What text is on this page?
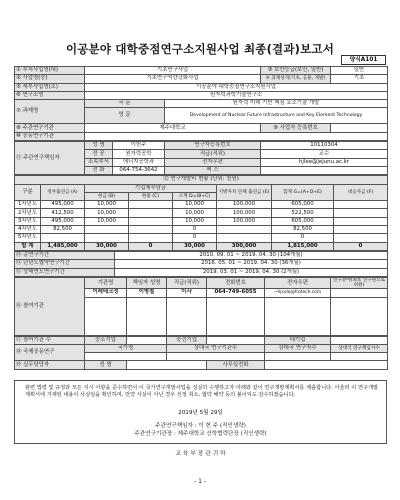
이공분야 대학중점연구소지원사업 최종(결과)보고서
양식A101
① 부처사업명(대)	기초연구사업		③ 보안등급(보안, 일반)	일반
② 사업명(중)	기초연구역량강화사업		④ 과제성격(기초, 응용, 개발)	기초
⑤ 세부사업명(소)	이공분야 대학중점연구소지원사업			
⑥ 연구소명	원자력과학기술연구소			
⑦ 과제명	국 문	원자력 미래 기반 핵심 요소기술 개발		
	영 문	Development of Nuclear Future Infrastructure and Key Element Technology		
⑧ 주관연구기관	제주대학교		⑨ 사업자 등록번호	
⑩ 공동연구기관				
⑪ 주관연구책임자	성 명	이헌주	연구자등록번호	10110304
	전 공	원자력공학	직급(직위)	교수
	소속부서	에너지공학과	전자우편	hjlee@jejunu.ac.kr
	전 화	064-754-3642	팩 스	
⑫ 연구개발비 현황 (단위: 천원)							
구분	정부출연금 (A)	기업체부담금			지방자치 단체 출연금 (E)	합계 G=(A+D+E)	대응자금 (F)
		현금 (B)	현물 (C)	소계 D=(B+C)			
1차년도	495,000	10,000		10,000	100,000	605,000	
2차년도	412,500	10,000		10,000	100,000	522,500	
3차년도	495,000	10,000		10,000	100,000	605,000	
4차년도	82,500			0		82,500	
5차년도				0		0	
합 계	1,485,000	30,000	0	30,000	300,000	1,815,000	0
⑬ 총연구기간	2010. 09. 01 ~ 2019. 04. 30 (104개월)
⑭ 단년도협약연구기간	2016. 05. 01 ~ 2019. 04. 30 (36개월)
⑮ 당해연도연구기간	2019. 03. 01 ~ 2019. 04. 30 (2개월)
⑯ 참여기관	기관명	책임자 성명	직급(직위)	전화번호	전자우편	연구분야(최초 연구원으로 위원)
	이레테크정	이병철	이사	064-749-6055	~hjsolo@frotech.com	

⑰ 참여기관 수	중소기업		중견기업		대기업	
⑱ 국제공동연구	국가명		상대국 연구기관수		상대국 연구자수	상대국 연구책임자수

⑲ 실무담당자	성 명			사무실전화		

관련 법령 및 규정과 모든 지시 사항을 준수하면서 이 국가연구개발사업을 성실히 수행하고자 아래와 같이 연구개발계획서를 제출합니다. 아울러 이 연구개발계획서에 기재된 내용이 사실임을 확인하며, 만약 사실이 아닌 경우 선정 취소, 협약 해약 등의 불이익도 감수하겠습니다.

2019년 5월 29일
주관연구책임자 : 이 헌 주 (직인생략)
주관연구기관장 : 제주대학교 산학협력단장 (직인생략)
교 육 부 장 관 귀 하
- 1 -
